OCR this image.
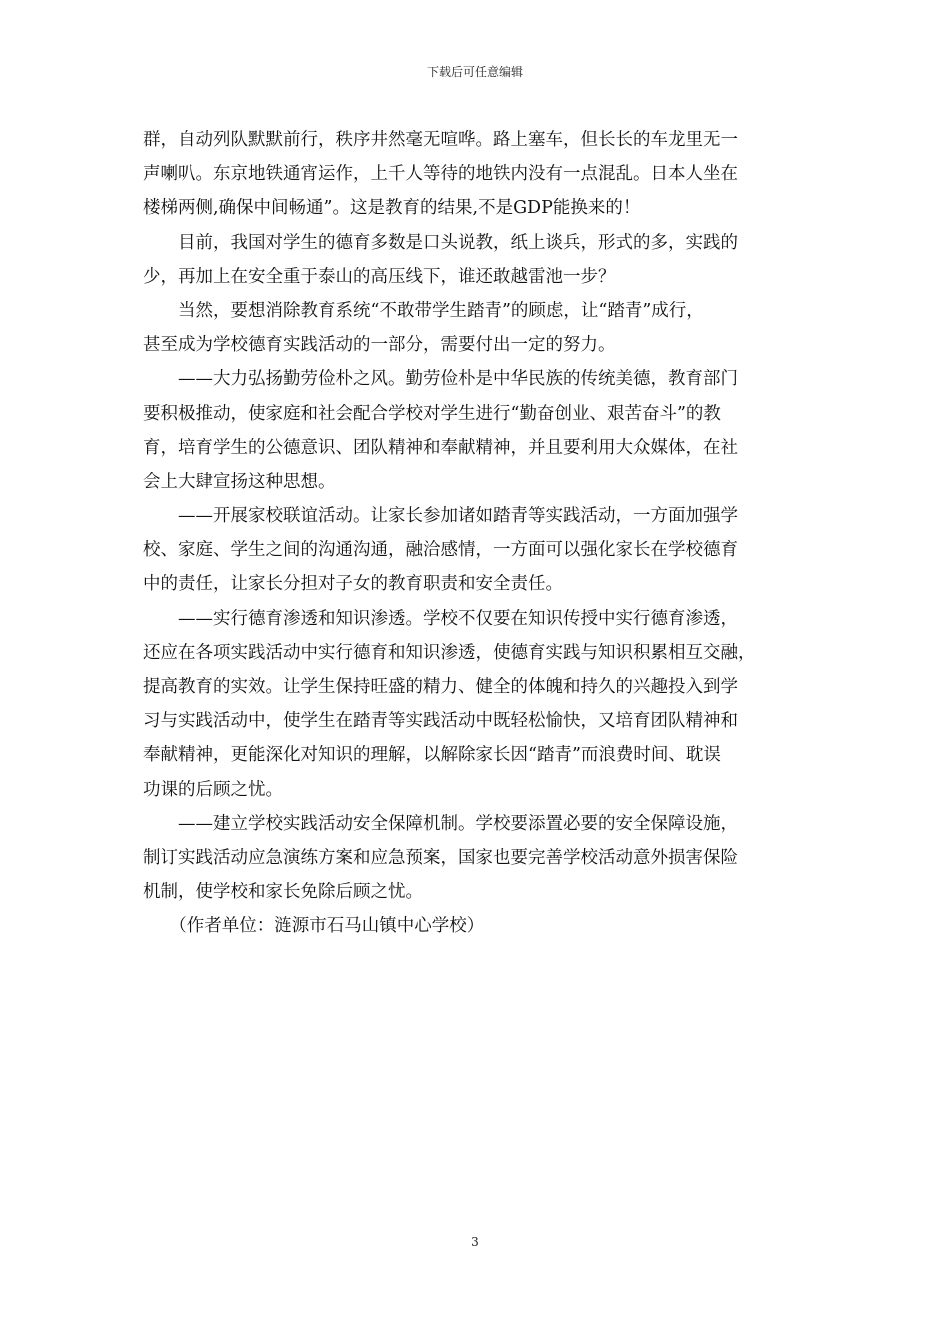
下载后可任意编辑

群，自动列队默默前行，秩序井然毫无喧哗。路上塞车，但长长的车龙里无一
声喇叭。东京地铁通宵运作，上千人等待的地铁内没有一点混乱。日本人坐在
楼梯两侧,确保中间畅通”。这是教育的结果,不是GDP能换来的！

　　目前，我国对学生的德育多数是口头说教，纸上谈兵，形式的多，实践的
少，再加上在安全重于泰山的高压线下，谁还敢越雷池一步？

　　当然，要想消除教育系统“不敢带学生踏青”的顾虑，让“踏青”成行，
甚至成为学校德育实践活动的一部分，需要付出一定的努力。

　　——大力弘扬勤劳俭朴之风。勤劳俭朴是中华民族的传统美德，教育部门
要积极推动，使家庭和社会配合学校对学生进行“勤奋创业、艰苦奋斗”的教
育，培育学生的公德意识、团队精神和奉献精神，并且要利用大众媒体，在社
会上大肆宣扬这种思想。

　　——开展家校联谊活动。让家长参加诸如踏青等实践活动，一方面加强学
校、家庭、学生之间的沟通沟通，融洽感情，一方面可以强化家长在学校德育
中的责任，让家长分担对子女的教育职责和安全责任。

　　——实行德育渗透和知识渗透。学校不仅要在知识传授中实行德育渗透，
还应在各项实践活动中实行德育和知识渗透，使德育实践与知识积累相互交融，
提高教育的实效。让学生保持旺盛的精力、健全的体魄和持久的兴趣投入到学
习与实践活动中，使学生在踏青等实践活动中既轻松愉快，又培育团队精神和
奉献精神，更能深化对知识的理解，以解除家长因“踏青”而浪费时间、耽误
功课的后顾之忧。

　　——建立学校实践活动安全保障机制。学校要添置必要的安全保障设施，
制订实践活动应急演练方案和应急预案，国家也要完善学校活动意外损害保险
机制，使学校和家长免除后顾之忧。

　　（作者单位：涟源市石马山镇中心学校）

3
